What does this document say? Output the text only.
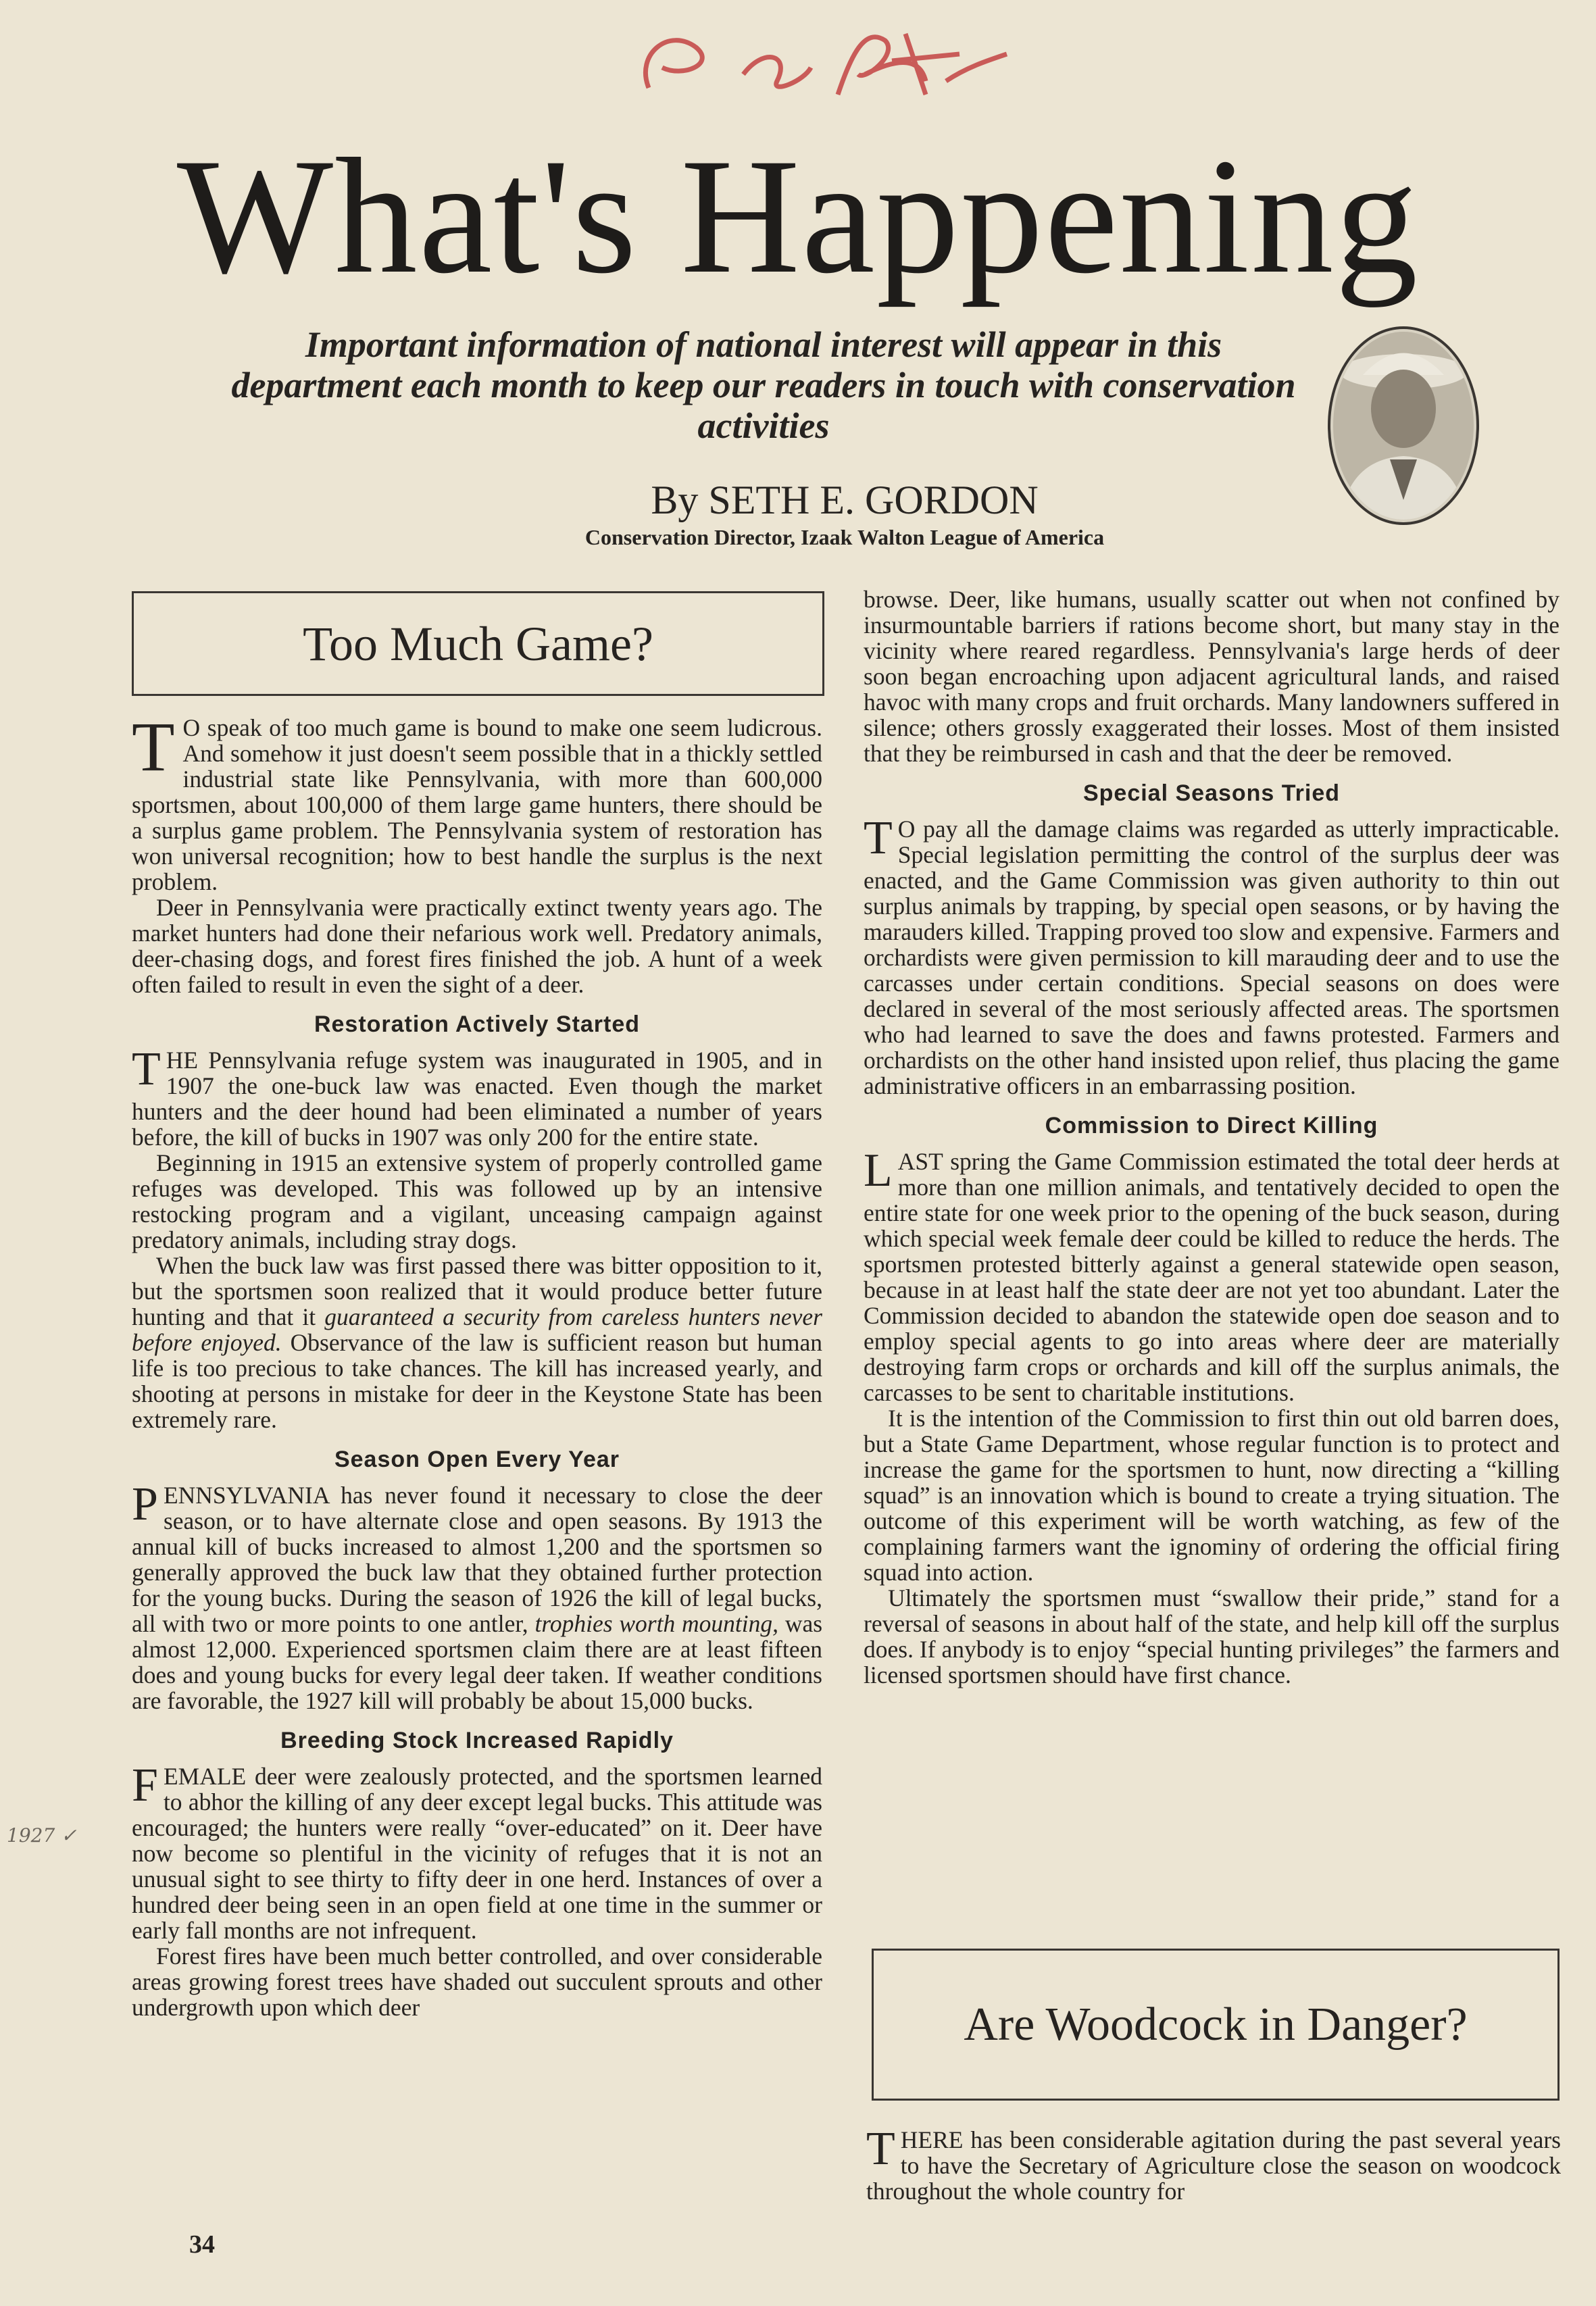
What's Happening
Important information of national interest will appear in this department each month to keep our readers in touch with conservation activities
By SETH E. GORDON
Conservation Director, Izaak Walton League of America
Too Much Game?

T O speak of too much game is bound to make one seem ludicrous. And somehow it just doesn't seem possible that in a thickly settled industrial state like Pennsylvania, with more than 600,000 sportsmen, about 100,000 of them large game hunters, there should be a surplus game problem. The Pennsylvania system of restoration has won universal recognition; how to best handle the surplus is the next problem.

Deer in Pennsylvania were practically extinct twenty years ago. The market hunters had done their nefarious work well. Predatory animals, deer-chasing dogs, and forest fires finished the job. A hunt of a week often failed to result in even the sight of a deer.

Restoration Actively Started

T HE Pennsylvania refuge system was inaugurated in 1905, and in 1907 the one-buck law was enacted. Even though the market hunters and the deer hound had been eliminated a number of years before, the kill of bucks in 1907 was only 200 for the entire state.

Beginning in 1915 an extensive system of properly controlled game refuges was developed. This was followed up by an intensive restocking program and a vigilant, unceasing campaign against predatory animals, including stray dogs.

When the buck law was first passed there was bitter opposition to it, but the sportsmen soon realized that it would produce better future hunting and that it guaranteed a security from careless hunters never before enjoyed. Observance of the law is sufficient reason but human life is too precious to take chances. The kill has increased yearly, and shooting at persons in mistake for deer in the Keystone State has been extremely rare.

Season Open Every Year

P ENNSYLVANIA has never found it necessary to close the deer season, or to have alternate close and open seasons. By 1913 the annual kill of bucks increased to almost 1,200 and the sportsmen so generally approved the buck law that they obtained further protection for the young bucks. During the season of 1926 the kill of legal bucks, all with two or more points to one antler, trophies worth mounting, was almost 12,000. Experienced sportsmen claim there are at least fifteen does and young bucks for every legal deer taken. If weather conditions are favorable, the 1927 kill will probably be about 15,000 bucks.

Breeding Stock Increased Rapidly

F EMALE deer were zealously protected, and the sportsmen learned to abhor the killing of any deer except legal bucks. This attitude was encouraged; the hunters were really “over-educated” on it. Deer have now become so plentiful in the vicinity of refuges that it is not an unusual sight to see thirty to fifty deer in one herd. Instances of over a hundred deer being seen in an open field at one time in the summer or early fall months are not infrequent.

Forest fires have been much better controlled, and over considerable areas growing forest trees have shaded out succulent sprouts and other undergrowth upon which deer

browse. Deer, like humans, usually scatter out when not confined by insurmountable barriers if rations become short, but many stay in the vicinity where reared regardless. Pennsylvania's large herds of deer soon began encroaching upon adjacent agricultural lands, and raised havoc with many crops and fruit orchards. Many landowners suffered in silence; others grossly exaggerated their losses. Most of them insisted that they be reimbursed in cash and that the deer be removed.

Special Seasons Tried

T O pay all the damage claims was regarded as utterly impracticable. Special legislation permitting the control of the surplus deer was enacted, and the Game Commission was given authority to thin out surplus animals by trapping, by special open seasons, or by having the marauders killed. Trapping proved too slow and expensive. Farmers and orchardists were given permission to kill marauding deer and to use the carcasses under certain conditions. Special seasons on does were declared in several of the most seriously affected areas. The sportsmen who had learned to save the does and fawns protested. Farmers and orchardists on the other hand insisted upon relief, thus placing the game administrative officers in an embarrassing position.

Commission to Direct Killing

L AST spring the Game Commission estimated the total deer herds at more than one million animals, and tentatively decided to open the entire state for one week prior to the opening of the buck season, during which special week female deer could be killed to reduce the herds. The sportsmen protested bitterly against a general statewide open season, because in at least half the state deer are not yet too abundant. Later the Commission decided to abandon the statewide open doe season and to employ special agents to go into areas where deer are materially destroying farm crops or orchards and kill off the surplus animals, the carcasses to be sent to charitable institutions.

It is the intention of the Commission to first thin out old barren does, but a State Game Department, whose regular function is to protect and increase the game for the sportsmen to hunt, now directing a “killing squad” is an innovation which is bound to create a trying situation. The outcome of this experiment will be worth watching, as few of the complaining farmers want the ignominy of ordering the official firing squad into action.

Ultimately the sportsmen must “swallow their pride,” stand for a reversal of seasons in about half of the state, and help kill off the surplus does. If anybody is to enjoy “special hunting privileges” the farmers and licensed sportsmen should have first chance.

Are Woodcock in Danger?

T HERE has been considerable agitation during the past several years to have the Secretary of Agriculture close the season on woodcock throughout the whole country for

34
1927 ✓
